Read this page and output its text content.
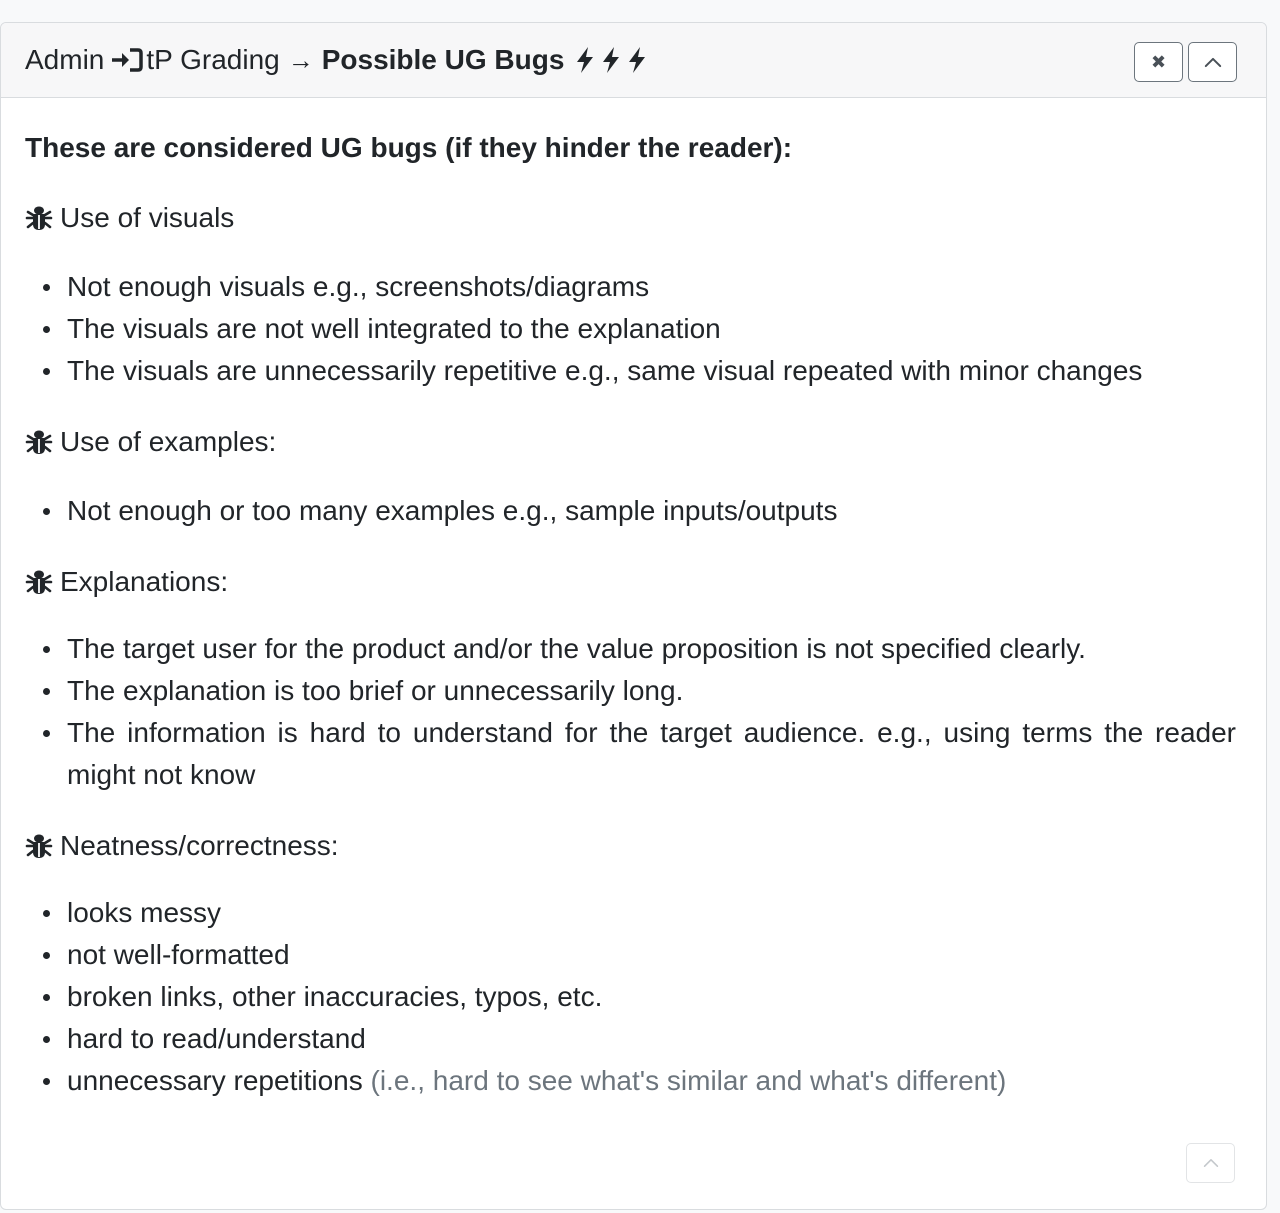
Admin tP Grading → Possible UG Bugs	✖
These are considered UG bugs (if they hinder the reader):
Use of visuals
Not enough visuals e.g., screenshots/diagrams
The visuals are not well integrated to the explanation
The visuals are unnecessarily repetitive e.g., same visual repeated with minor changes
Use of examples:
Not enough or too many examples e.g., sample inputs/outputs
Explanations:
The target user for the product and/or the value proposition is not specified clearly.
The explanation is too brief or unnecessarily long.
The information is hard to understand for the target audience. e.g., using terms the reader might not know
Neatness/correctness:
looks messy
not well-formatted
broken links, other inaccuracies, typos, etc.
hard to read/understand
unnecessary repetitions (i.e., hard to see what's similar and what's different)
